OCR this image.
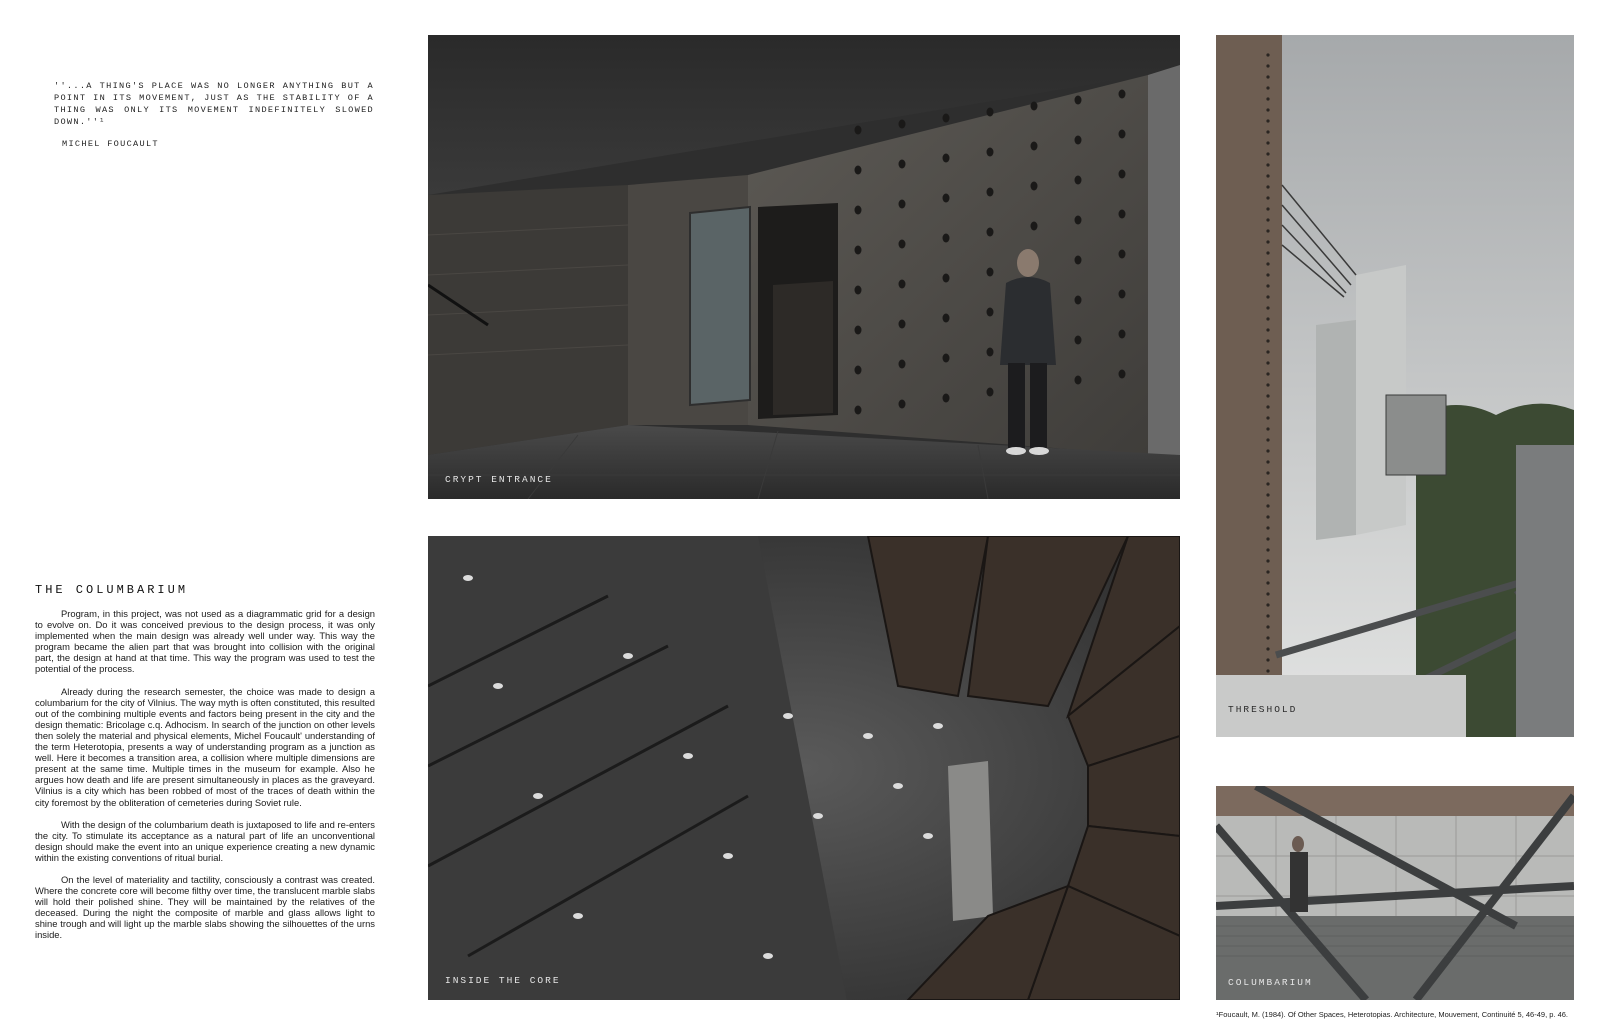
''...A THING'S PLACE WAS NO LONGER ANYTHING BUT A POINT IN ITS MOVEMENT, JUST AS THE STABILITY OF A THING WAS ONLY ITS MOVEMENT INDEFINITELY SLOWED DOWN.''¹
MICHEL FOUCAULT
THE COLUMBARIUM

Program, in this project, was not used as a diagrammatic grid for a design to evolve on. Do it was conceived previous to the design process, it was only implemented when the main design was already well under way. This way the program became the alien part that was brought into collision with the original part, the design at hand at that time. This way the program was used to test the potential of the process.

Already during the research semester, the choice was made to design a columbarium for the city of Vilnius. The way myth is often constituted, this resulted out of the combining multiple events and factors being present in the city and the design thematic: Bricolage c.q. Adhocism. In search of the junction on other levels then solely the material and physical elements, Michel Foucault' understanding of the term Heterotopia, presents a way of understanding program as a junction as well. Here it becomes a transition area, a collision where multiple dimensions are present at the same time. Multiple times in the museum for example. Also he argues how death and life are present simultaneously in places as the graveyard. Vilnius is a city which has been robbed of most of the traces of death within the city foremost by the obliteration of cemeteries during Soviet rule.

With the design of the columbarium death is juxtaposed to life and re-enters the city. To stimulate its acceptance as a natural part of life an unconventional design should make the event into an unique experience creating a new dynamic within the existing conventions of ritual burial.

On the level of materiality and tactility, consciously a contrast was created. Where the concrete core will become filthy over time, the translucent marble slabs will hold their polished shine. They will be maintained by the relatives of the deceased. During the night the composite of marble and glass allows light to shine trough and will light up the marble slabs showing the silhouettes of the urns inside.

CRYPT ENTRANCE
INSIDE THE CORE
THRESHOLD
COLUMBARIUM
¹Foucault, M. (1984). Of Other Spaces, Heterotopias. Architecture, Mouvement, Continuité 5, 46-49, p. 46.
